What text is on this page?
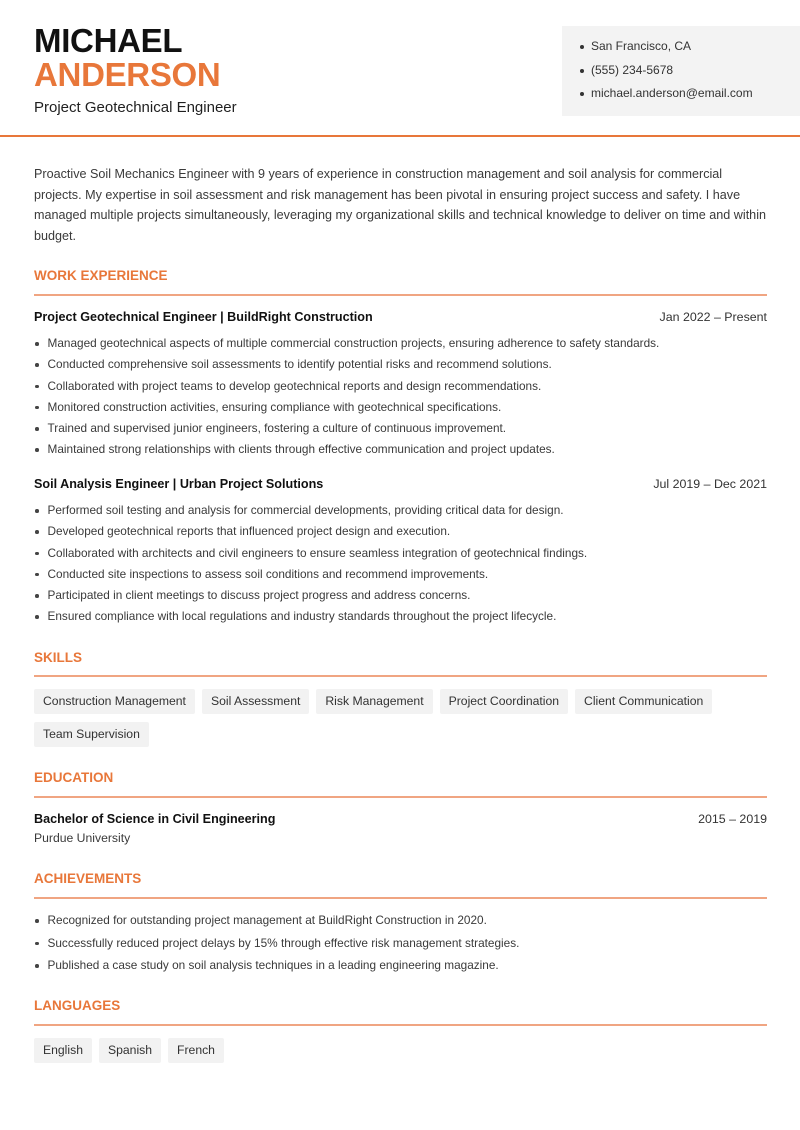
MICHAEL
ANDERSON
Project Geotechnical Engineer
San Francisco, CA
(555) 234-5678
michael.anderson@email.com

Proactive Soil Mechanics Engineer with 9 years of experience in construction management and soil analysis for commercial projects. My expertise in soil assessment and risk management has been pivotal in ensuring project success and safety. I have managed multiple projects simultaneously, leveraging my organizational skills and technical knowledge to deliver on time and within budget.

WORK EXPERIENCE
Project Geotechnical Engineer | BuildRight Construction	Jan 2022 – Present
Managed geotechnical aspects of multiple commercial construction projects, ensuring adherence to safety standards.
Conducted comprehensive soil assessments to identify potential risks and recommend solutions.
Collaborated with project teams to develop geotechnical reports and design recommendations.
Monitored construction activities, ensuring compliance with geotechnical specifications.
Trained and supervised junior engineers, fostering a culture of continuous improvement.
Maintained strong relationships with clients through effective communication and project updates.
Soil Analysis Engineer | Urban Project Solutions	Jul 2019 – Dec 2021
Performed soil testing and analysis for commercial developments, providing critical data for design.
Developed geotechnical reports that influenced project design and execution.
Collaborated with architects and civil engineers to ensure seamless integration of geotechnical findings.
Conducted site inspections to assess soil conditions and recommend improvements.
Participated in client meetings to discuss project progress and address concerns.
Ensured compliance with local regulations and industry standards throughout the project lifecycle.
SKILLS
Construction Management	Soil Assessment	Risk Management	Project Coordination	Client Communication
Team Supervision
EDUCATION
Bachelor of Science in Civil Engineering	2015 – 2019
Purdue University
ACHIEVEMENTS
Recognized for outstanding project management at BuildRight Construction in 2020.
Successfully reduced project delays by 15% through effective risk management strategies.
Published a case study on soil analysis techniques in a leading engineering magazine.
LANGUAGES
English	Spanish	French
